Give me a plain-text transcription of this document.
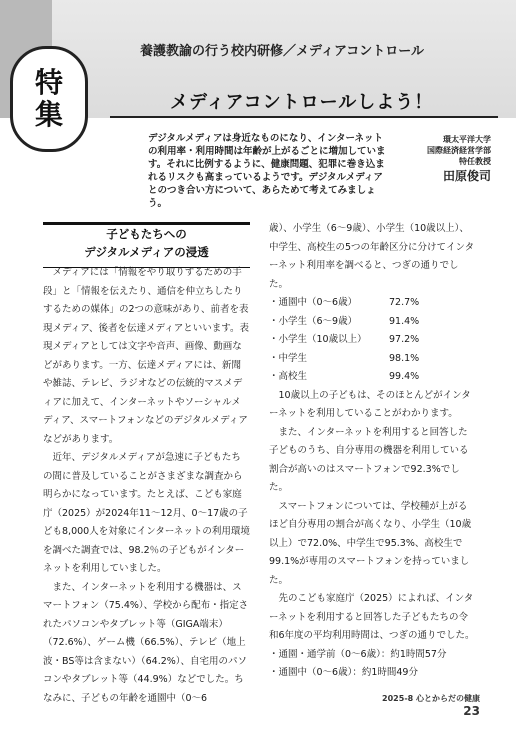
特
集
養護教諭の行う校内研修／メディアコントロール
メディアコントロールしよう！
デジタルメディアは身近なものになり、インターネットの利用率・利用時間は年齢が上がるごとに増加しています。それに比例するように、健康問題、犯罪に巻き込まれるリスクも高まっているようです。デジタルメディアとのつき合い方について、あらためて考えてみましょう。
環太平洋大学
国際経済経営学部
特任教授
田原俊司
子どもたちへの
デジタルメディアの浸透

メディアには「情報をやり取りするための手段」と「情報を伝えたり、通信を仲立ちしたりするための媒体」の2つの意味があり、前者を表現メディア、後者を伝達メディアといいます。表現メディアとしては文字や音声、画像、動画などがあります。一方、伝達メディアには、新聞や雑誌、テレビ、ラジオなどの伝統的マスメディアに加えて、インターネットやソーシャルメディア、スマートフォンなどのデジタルメディアなどがあります。

近年、デジタルメディアが急速に子どもたちの間に普及していることがさまざまな調査から明らかになっています。たとえば、こども家庭庁（2025）が2024年11～12月、0～17歳の子ども8,000人を対象にインターネットの利用環境を調べた調査では、98.2％の子どもがインターネットを利用していました。

また、インターネットを利用する機器は、スマートフォン（75.4%）、学校から配布・指定されたパソコンやタブレット等（GIGA端末）（72.6%）、ゲーム機（66.5%）、テレビ（地上波・BS等は含まない）（64.2%）、自宅用のパソコンやタブレット等（44.9%）などでした。ちなみに、子どもの年齢を通園中（0～6

歳）、小学生（6～9歳）、小学生（10歳以上）、中学生、高校生の5つの年齢区分に分けてインターネット利用率を調べると、つぎの通りでした。

・通園中（0～6歳）	72.7%
・小学生（6～9歳）	91.4%
・小学生（10歳以上）	97.2%
・中学生	98.1%
・高校生	99.4%

10歳以上の子どもは、そのほとんどがインターネットを利用していることがわかります。

また、インターネットを利用すると回答した子どものうち、自分専用の機器を利用している割合が高いのはスマートフォンで92.3%でした。

スマートフォンについては、学校種が上がるほど自分専用の割合が高くなり、小学生（10歳以上）で72.0%、中学生で95.3%、高校生で99.1%が専用のスマートフォンを持っていました。

先のこども家庭庁（2025）によれば、インターネットを利用すると回答した子どもたちの令和6年度の平均利用時間は、つぎの通りでした。

・通園・通学前（0～6歳）：約1時間57分
・通園中（0～6歳）：約1時間49分
2025-8 心とからだの健康 23
